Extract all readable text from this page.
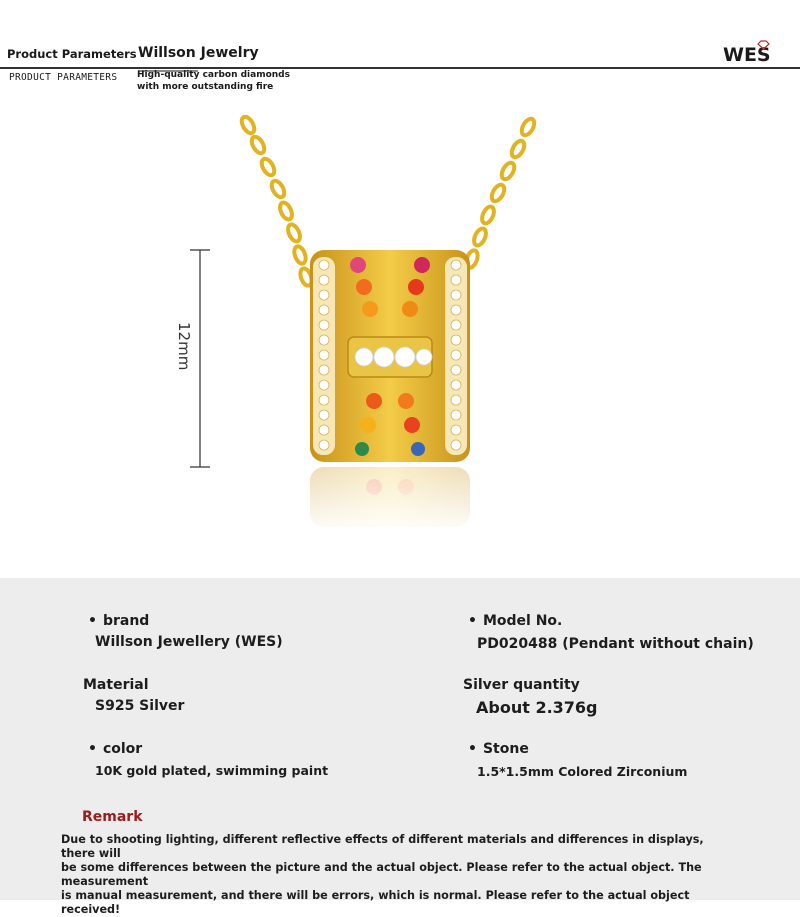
Product Parameters Willson Jewelry
PRODUCT PARAMETERS High-quality carbon diamonds
with more outstanding fire
WES
12mm
• brand
Willson Jewellery (WES)
• Model No.
PD020488 (Pendant without chain)
Material
S925 Silver
Silver quantity
About 2.376g
• color
10K gold plated, swimming paint
• Stone
1.5*1.5mm Colored Zirconium
Remark
Due to shooting lighting, different reflective effects of different materials and differences in displays, there will
be some differences between the picture and the actual object. Please refer to the actual object. The measurement
is manual measurement, and there will be errors, which is normal. Please refer to the actual object received!
